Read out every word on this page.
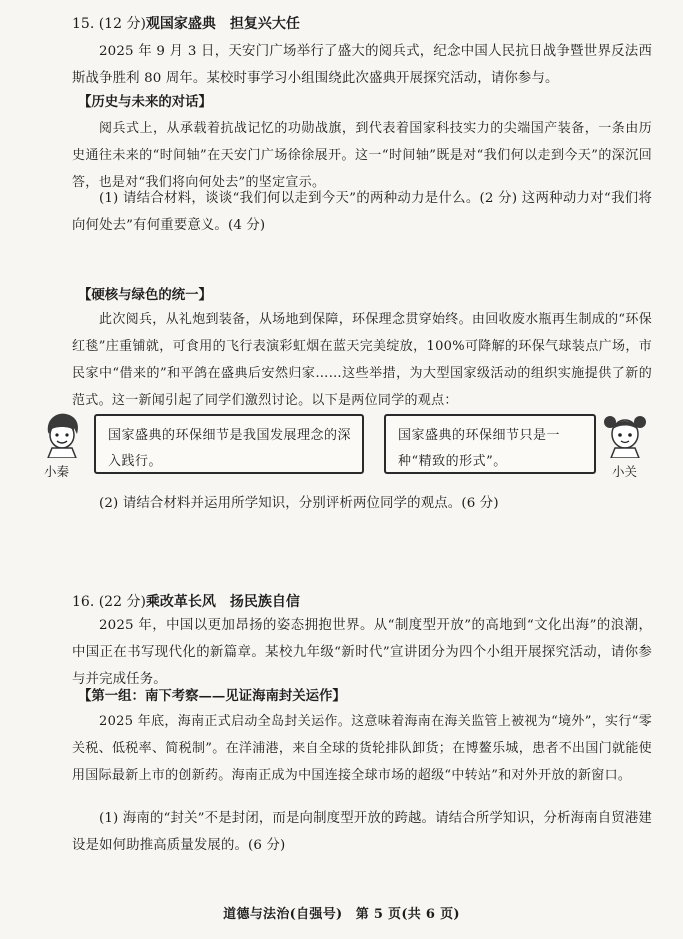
15. (12 分)观国家盛典　担复兴大任
2025 年 9 月 3 日，天安门广场举行了盛大的阅兵式，纪念中国人民抗日战争暨世界反法西斯战争胜利 80 周年。某校时事学习小组围绕此次盛典开展探究活动，请你参与。
【历史与未来的对话】
阅兵式上，从承载着抗战记忆的功勋战旗，到代表着国家科技实力的尖端国产装备，一条由历史通往未来的“时间轴”在天安门广场徐徐展开。这一“时间轴”既是对“我们何以走到今天”的深沉回答，也是对“我们将向何处去”的坚定宣示。
(1) 请结合材料，谈谈“我们何以走到今天”的两种动力是什么。(2 分) 这两种动力对“我们将向何处去”有何重要意义。(4 分)
【硬核与绿色的统一】
此次阅兵，从礼炮到装备，从场地到保障，环保理念贯穿始终。由回收废水瓶再生制成的“环保红毯”庄重铺就，可食用的飞行表演彩虹烟在蓝天完美绽放，100%可降解的环保气球装点广场，市民家中“借来的”和平鸽在盛典后安然归家……这些举措，为大型国家级活动的组织实施提供了新的范式。这一新闻引起了同学们激烈讨论。以下是两位同学的观点：
小秦
国家盛典的环保细节是我国发展理念的深入践行。
国家盛典的环保细节只是一种“精致的形式”。
小关
(2) 请结合材料并运用所学知识，分别评析两位同学的观点。(6 分)
16. (22 分)乘改革长风　扬民族自信
2025 年，中国以更加昂扬的姿态拥抱世界。从“制度型开放”的高地到“文化出海”的浪潮，中国正在书写现代化的新篇章。某校九年级“新时代”宣讲团分为四个小组开展探究活动，请你参与并完成任务。
【第一组：南下考察——见证海南封关运作】
2025 年底，海南正式启动全岛封关运作。这意味着海南在海关监管上被视为“境外”，实行“零关税、低税率、简税制”。在洋浦港，来自全球的货轮排队卸货；在博鳌乐城，患者不出国门就能使用国际最新上市的创新药。海南正成为中国连接全球市场的超级“中转站”和对外开放的新窗口。
(1) 海南的“封关”不是封闭，而是向制度型开放的跨越。请结合所学知识，分析海南自贸港建设是如何助推高质量发展的。(6 分)
道德与法治(自强号)　第 5 页(共 6 页)
